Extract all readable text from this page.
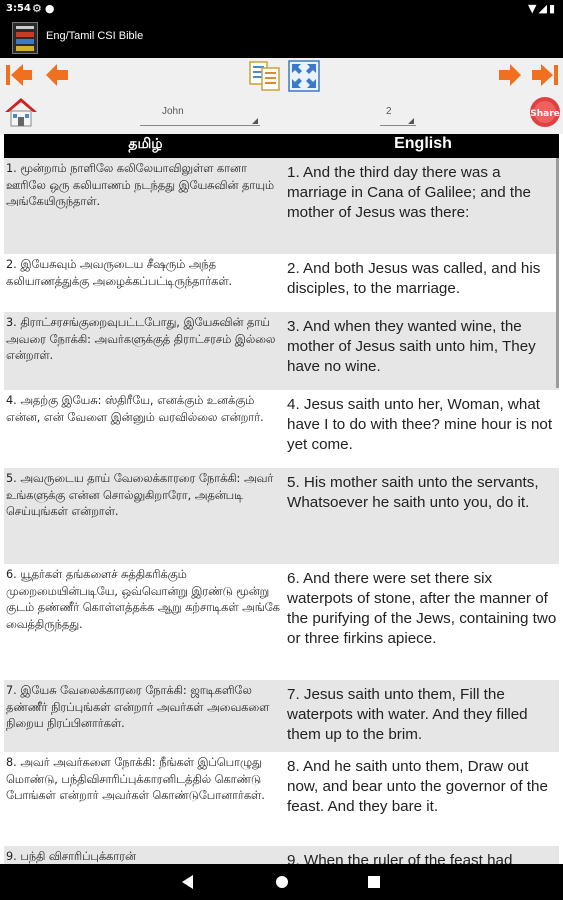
3:54 ⚙●	▼◢▮
Eng/Tamil CSI Bible
Share
John	2
தமிழ்	English
1. மூன்றாம் நாளிலே கலிலேயாவிலுள்ள கானா ஊரிலே ஒரு கலியாணம் நடந்தது இயேசுவின் தாயும் அங்கேயிருந்தாள்.
1. And the third day there was a marriage in Cana of Galilee; and the mother of Jesus was there:
2. இயேசுவும் அவருடைய சீஷரும் அந்த கலியாணத்துக்கு அழைக்கப்பட்டிருந்தார்கள்.
2. And both Jesus was called, and his disciples, to the marriage.
3. திராட்சரசங்குறைவுபட்டபோது, இயேசுவின் தாய் அவரை நோக்கி: அவர்களுக்குத் திராட்சரசம் இல்லை என்றாள்.
3. And when they wanted wine, the mother of Jesus saith unto him, They have no wine.
4. அதற்கு இயேசு: ஸ்திரீயே, எனக்கும் உனக்கும் என்ன, என் வேளை இன்னும் வரவில்லை என்றார்.
4. Jesus saith unto her, Woman, what have I to do with thee? mine hour is not yet come.
5. அவருடைய தாய் வேலைக்காரரை நோக்கி: அவர் உங்களுக்கு என்ன சொல்லுகிறாரோ, அதன்படி செய்யுங்கள் என்றாள்.
5. His mother saith unto the servants, Whatsoever he saith unto you, do it.
6. யூதர்கள் தங்களைச் சுத்திகரிக்கும் முறைமையின்படியே, ஒவ்வொன்று இரண்டு மூன்று குடம் தண்ணீர் கொள்ளத்தக்க ஆறு கற்சாடிகள் அங்கே வைத்திருந்தது.
6. And there were set there six waterpots of stone, after the manner of the purifying of the Jews, containing two or three firkins apiece.
7. இயேசு வேலைக்காரரை நோக்கி: ஜாடிகளிலே தண்ணீர் நிரப்புங்கள் என்றார் அவர்கள் அவைகளை நிறைய நிரப்பினார்கள்.
7. Jesus saith unto them, Fill the waterpots with water. And they filled them up to the brim.
8. அவர் அவர்களை நோக்கி: நீங்கள் இப்பொழுது மொண்டு, பந்திவிசாரிப்புக்காரனிடத்தில் கொண்டு போங்கள் என்றார் அவர்கள் கொண்டுபோனார்கள்.
8. And he saith unto them, Draw out now, and bear unto the governor of the feast. And they bare it.
9. பந்தி விசாரிப்புக்காரன்	9. When the ruler of the feast had
